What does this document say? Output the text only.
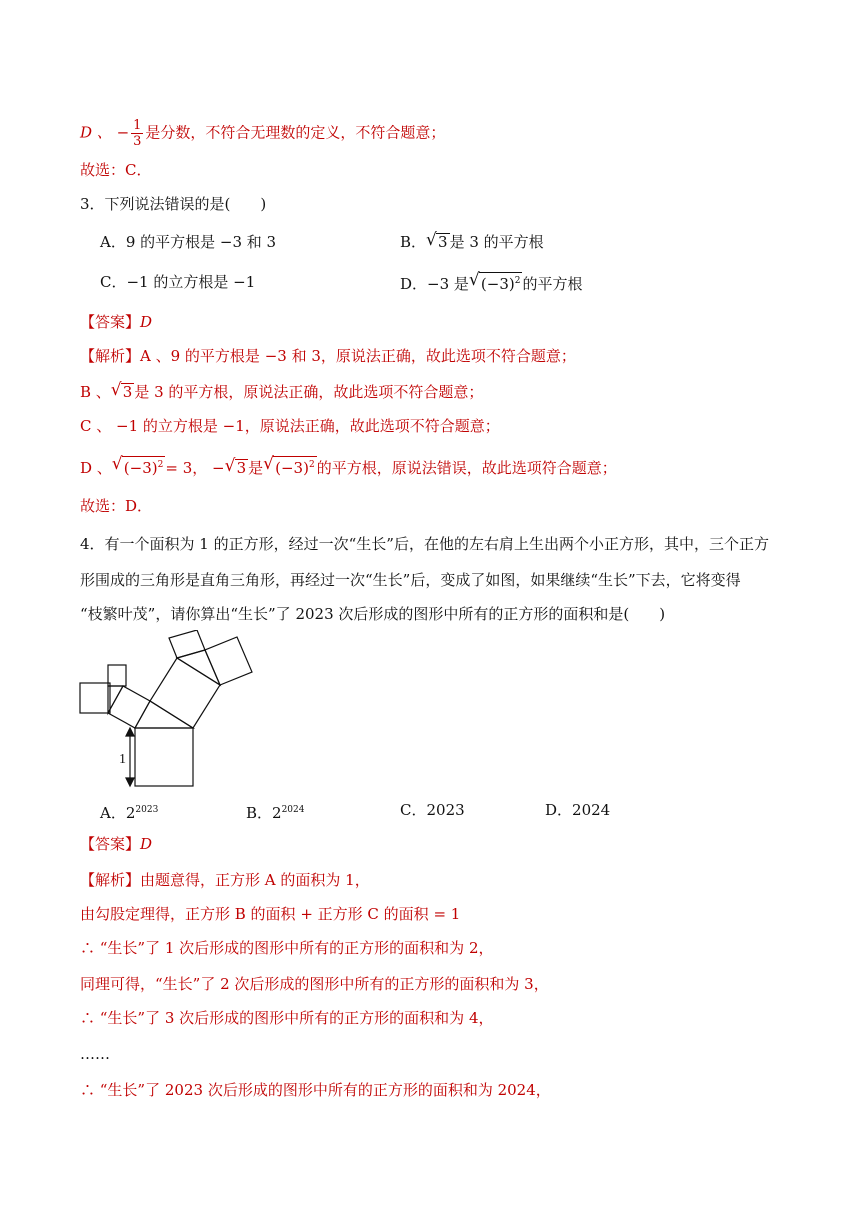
D 、 − $\frac{1}{3}$ 是分数，不符合无理数的定义，不符合题意；
故选：C．
3．下列说法错误的是(　　)
A．9 的平方根是 −3 和 3	B． √ 3 是 3 的平方根
C．−1 的立方根是 −1	D．−3 是 √ $(-3)^2$ 的平方根
【答案】D
【解析】A 、9 的平方根是 −3 和 3，原说法正确，故此选项不符合题意；
B 、 √ 3 是 3 的平方根，原说法正确，故此选项不符合题意；
C 、 −1 的立方根是 −1，原说法正确，故此选项不符合题意；
D 、 √ $(-3)^2 = 3$， − √ 3 是 √ $(-3)^2$ 的平方根，原说法错误，故此选项符合题意；
故选：D．
4．有一个面积为 1 的正方形，经过一次“生长”后，在他的左右肩上生出两个小正方形，其中，三个正方
形围成的三角形是直角三角形，再经过一次“生长”后，变成了如图，如果继续“生长”下去，它将变得
“枝繁叶茂”，请你算出“生长”了 2023 次后形成的图形中所有的正方形的面积和是(　　)
1
A．$2^{2023}$	B．$2^{2024}$	C．2023	D．2024
【答案】D
【解析】由题意得，正方形 A 的面积为 1，
由勾股定理得，正方形 B 的面积 + 正方形 C 的面积 = 1
∴ “生长”了 1 次后形成的图形中所有的正方形的面积和为 2，
同理可得，“生长”了 2 次后形成的图形中所有的正方形的面积和为 3，
∴ “生长”了 3 次后形成的图形中所有的正方形的面积和为 4，
……
∴ “生长”了 2023 次后形成的图形中所有的正方形的面积和为 2024，
